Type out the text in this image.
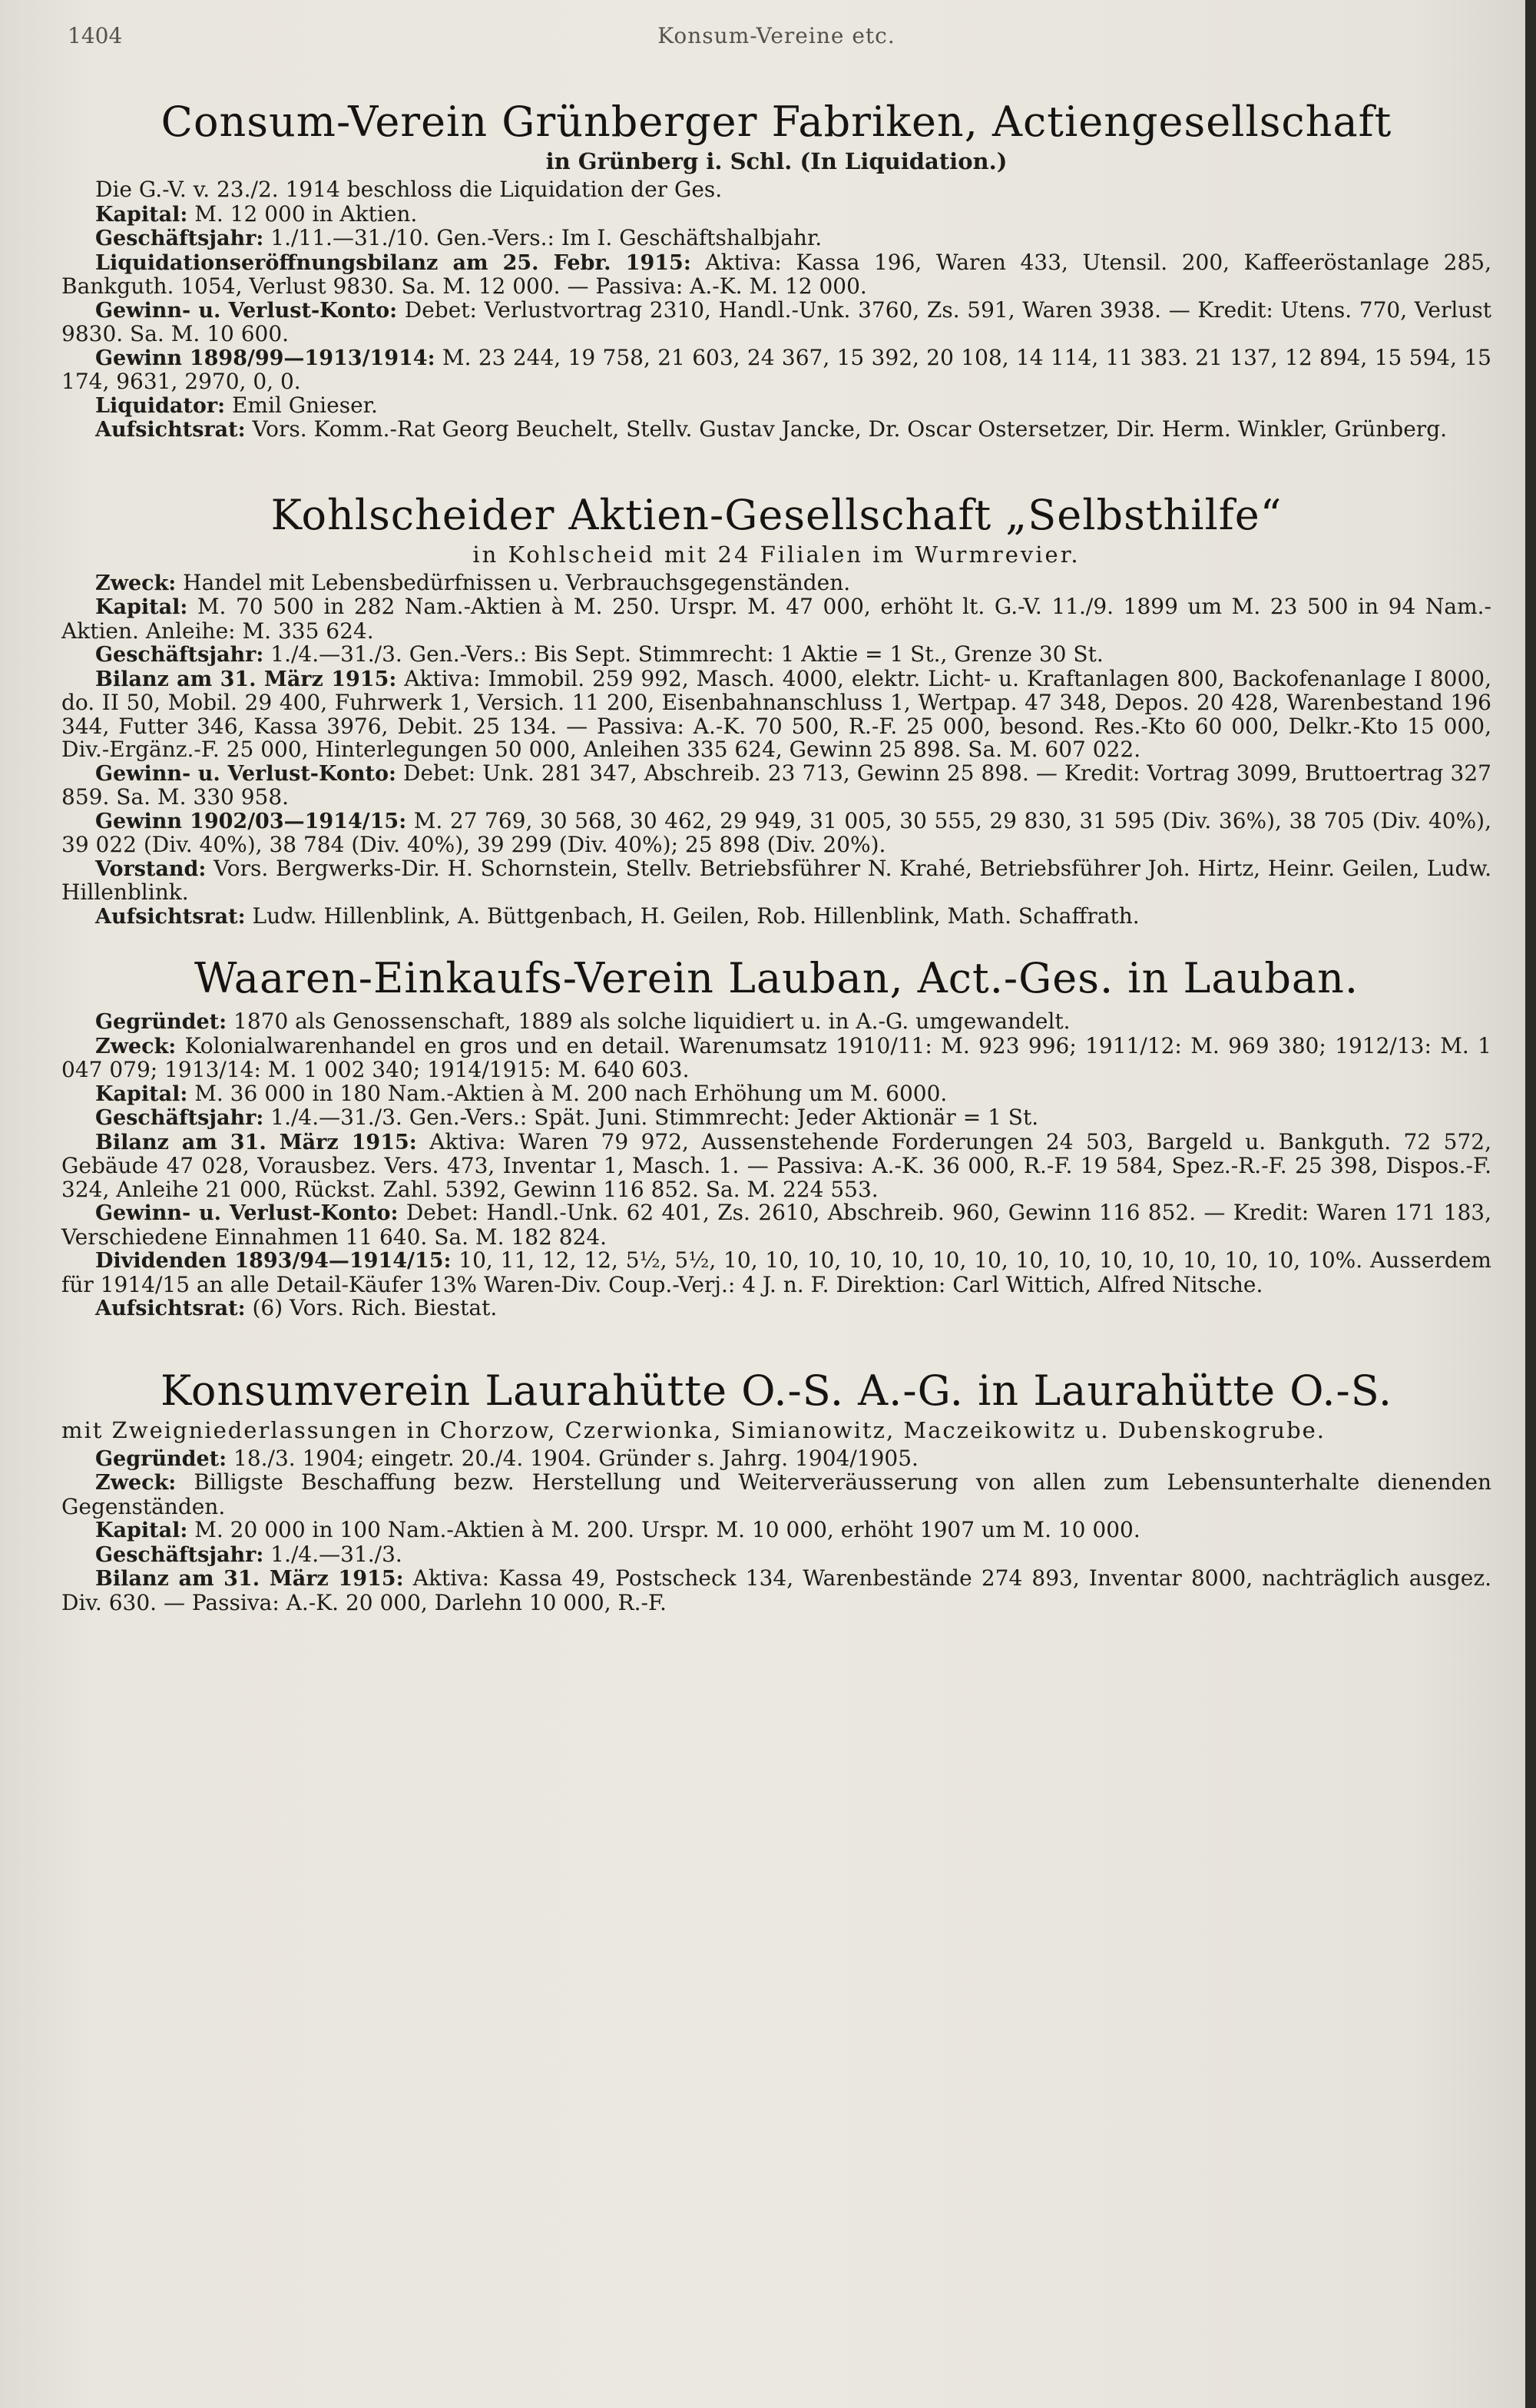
1404	Konsum-Vereine etc.
Consum-Verein Grünberger Fabriken, Actiengesellschaft
in Grünberg i. Schl. (In Liquidation.)

Die G.-V. v. 23./2. 1914 beschloss die Liquidation der Ges.

Kapital: M. 12 000 in Aktien.

Geschäftsjahr: 1./11.—31./10. Gen.-Vers.: Im I. Geschäftshalbjahr.

Liquidationseröffnungsbilanz am 25. Febr. 1915: Aktiva: Kassa 196, Waren 433, Utensil. 200, Kaffeeröstanlage 285, Bankguth. 1054, Verlust 9830. Sa. M. 12 000. — Passiva: A.-K. M. 12 000.

Gewinn- u. Verlust-Konto: Debet: Verlustvortrag 2310, Handl.-Unk. 3760, Zs. 591, Waren 3938. — Kredit: Utens. 770, Verlust 9830. Sa. M. 10 600.

Gewinn 1898/99—1913/1914: M. 23 244, 19 758, 21 603, 24 367, 15 392, 20 108, 14 114, 11 383. 21 137, 12 894, 15 594, 15 174, 9631, 2970, 0, 0.

Liquidator: Emil Gnieser.

Aufsichtsrat: Vors. Komm.-Rat Georg Beuchelt, Stellv. Gustav Jancke, Dr. Oscar Ostersetzer, Dir. Herm. Winkler, Grünberg.

Kohlscheider Aktien-Gesellschaft „Selbsthilfe“
in Kohlscheid mit 24 Filialen im Wurmrevier.

Zweck: Handel mit Lebensbedürfnissen u. Verbrauchsgegenständen.

Kapital: M. 70 500 in 282 Nam.-Aktien à M. 250. Urspr. M. 47 000, erhöht lt. G.-V. 11./9. 1899 um M. 23 500 in 94 Nam.-Aktien. Anleihe: M. 335 624.

Geschäftsjahr: 1./4.—31./3. Gen.-Vers.: Bis Sept. Stimmrecht: 1 Aktie = 1 St., Grenze 30 St.

Bilanz am 31. März 1915: Aktiva: Immobil. 259 992, Masch. 4000, elektr. Licht- u. Kraftanlagen 800, Backofenanlage I 8000, do. II 50, Mobil. 29 400, Fuhrwerk 1, Versich. 11 200, Eisenbahnanschluss 1, Wertpap. 47 348, Depos. 20 428, Warenbestand 196 344, Futter 346, Kassa 3976, Debit. 25 134. — Passiva: A.-K. 70 500, R.-F. 25 000, besond. Res.-Kto 60 000, Delkr.-Kto 15 000, Div.-Ergänz.-F. 25 000, Hinterlegungen 50 000, Anleihen 335 624, Gewinn 25 898. Sa. M. 607 022.

Gewinn- u. Verlust-Konto: Debet: Unk. 281 347, Abschreib. 23 713, Gewinn 25 898. — Kredit: Vortrag 3099, Bruttoertrag 327 859. Sa. M. 330 958.

Gewinn 1902/03—1914/15: M. 27 769, 30 568, 30 462, 29 949, 31 005, 30 555, 29 830, 31 595 (Div. 36%), 38 705 (Div. 40%), 39 022 (Div. 40%), 38 784 (Div. 40%), 39 299 (Div. 40%); 25 898 (Div. 20%).

Vorstand: Vors. Bergwerks-Dir. H. Schornstein, Stellv. Betriebsführer N. Krahé, Betriebsführer Joh. Hirtz, Heinr. Geilen, Ludw. Hillenblink.

Aufsichtsrat: Ludw. Hillenblink, A. Büttgenbach, H. Geilen, Rob. Hillenblink, Math. Schaffrath.

Waaren-Einkaufs-Verein Lauban, Act.-Ges. in Lauban.

Gegründet: 1870 als Genossenschaft, 1889 als solche liquidiert u. in A.-G. umgewandelt.

Zweck: Kolonialwarenhandel en gros und en detail. Warenumsatz 1910/11: M. 923 996; 1911/12: M. 969 380; 1912/13: M. 1 047 079; 1913/14: M. 1 002 340; 1914/1915: M. 640 603.

Kapital: M. 36 000 in 180 Nam.-Aktien à M. 200 nach Erhöhung um M. 6000.

Geschäftsjahr: 1./4.—31./3. Gen.-Vers.: Spät. Juni. Stimmrecht: Jeder Aktionär = 1 St.

Bilanz am 31. März 1915: Aktiva: Waren 79 972, Aussenstehende Forderungen 24 503, Bargeld u. Bankguth. 72 572, Gebäude 47 028, Vorausbez. Vers. 473, Inventar 1, Masch. 1. — Passiva: A.-K. 36 000, R.-F. 19 584, Spez.-R.-F. 25 398, Dispos.-F. 324, Anleihe 21 000, Rückst. Zahl. 5392, Gewinn 116 852. Sa. M. 224 553.

Gewinn- u. Verlust-Konto: Debet: Handl.-Unk. 62 401, Zs. 2610, Abschreib. 960, Gewinn 116 852. — Kredit: Waren 171 183, Verschiedene Einnahmen 11 640. Sa. M. 182 824.

Dividenden 1893/94—1914/15: 10, 11, 12, 12, 5½, 5½, 10, 10, 10, 10, 10, 10, 10, 10, 10, 10, 10, 10, 10, 10, 10%. Ausserdem für 1914/15 an alle Detail-Käufer 13% Waren-Div. Coup.-Verj.: 4 J. n. F. Direktion: Carl Wittich, Alfred Nitsche.

Aufsichtsrat: (6) Vors. Rich. Biestat.

Konsumverein Laurahütte O.-S. A.-G. in Laurahütte O.-S.
mit Zweigniederlassungen in Chorzow, Czerwionka, Simianowitz, Maczeikowitz u. Dubenskogrube.

Gegründet: 18./3. 1904; eingetr. 20./4. 1904. Gründer s. Jahrg. 1904/1905.

Zweck: Billigste Beschaffung bezw. Herstellung und Weiterveräusserung von allen zum Lebensunterhalte dienenden Gegenständen.

Kapital: M. 20 000 in 100 Nam.-Aktien à M. 200. Urspr. M. 10 000, erhöht 1907 um M. 10 000.

Geschäftsjahr: 1./4.—31./3.

Bilanz am 31. März 1915: Aktiva: Kassa 49, Postscheck 134, Warenbestände 274 893, Inventar 8000, nachträglich ausgez. Div. 630. — Passiva: A.-K. 20 000, Darlehn 10 000, R.-F.
